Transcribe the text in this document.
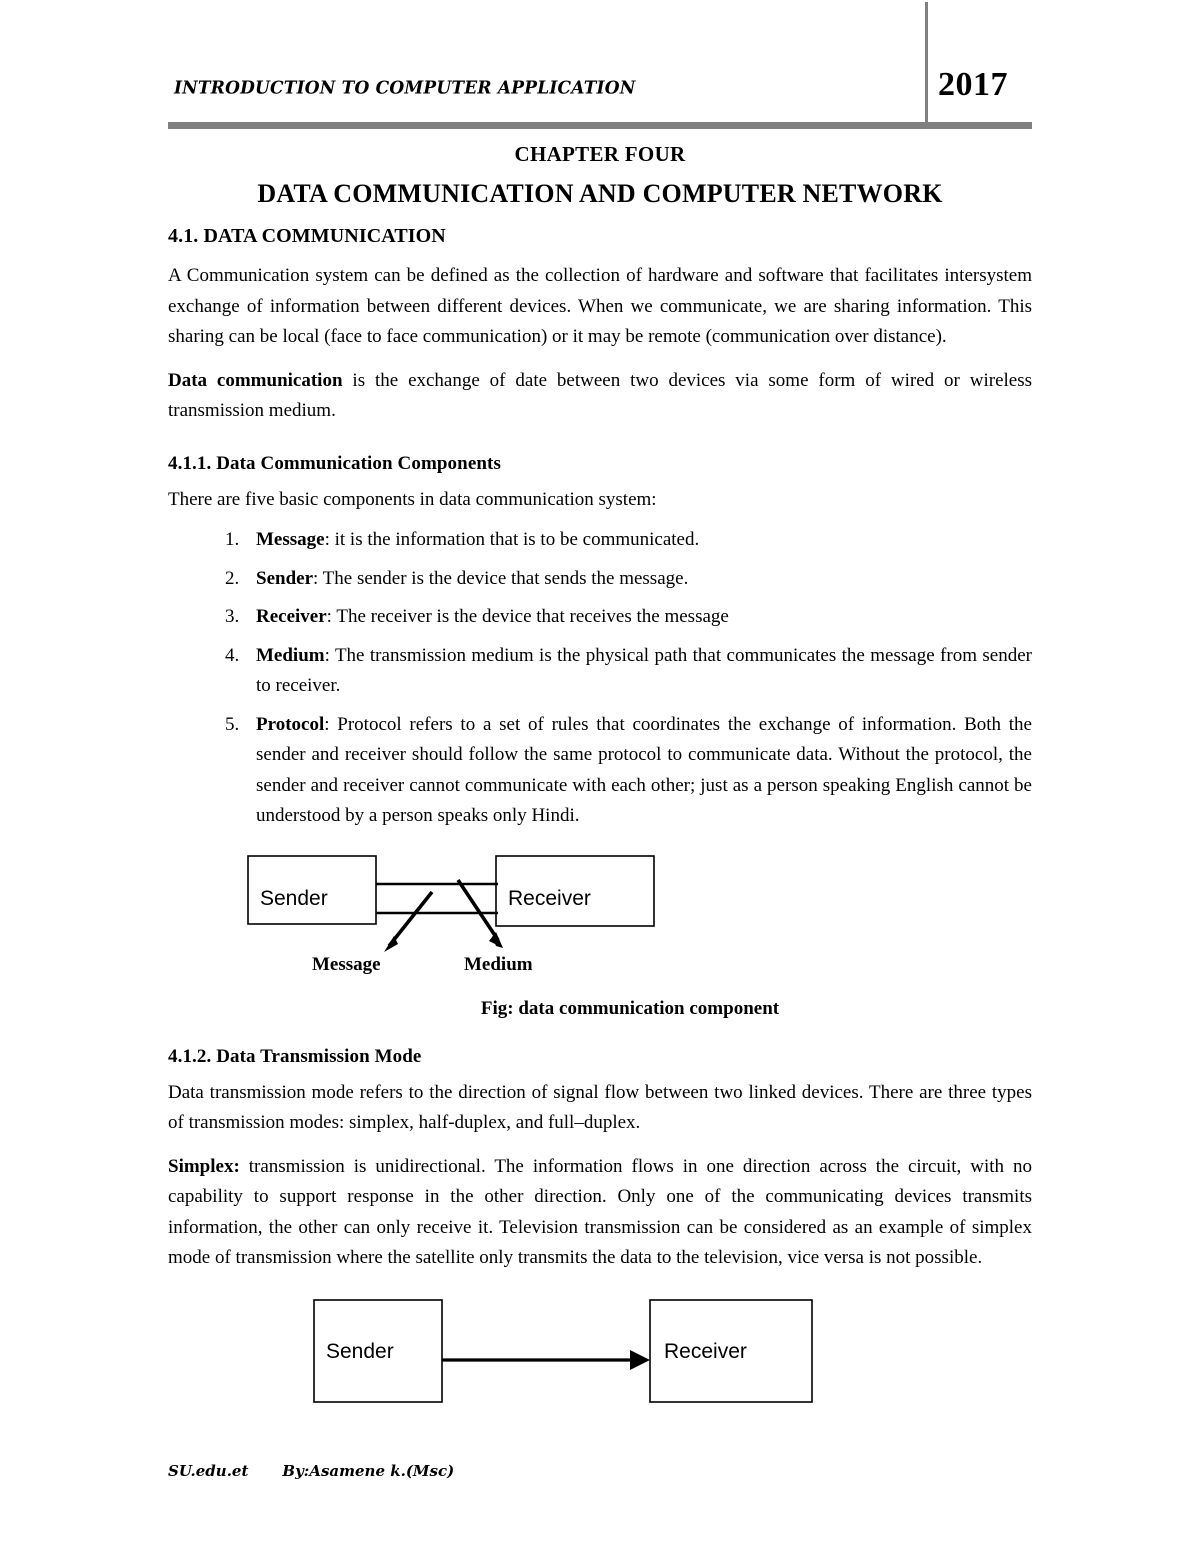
INTRODUCTION TO COMPUTER APPLICATION	2017
CHAPTER FOUR
DATA COMMUNICATION AND COMPUTER NETWORK
4.1. DATA COMMUNICATION

A Communication system can be defined as the collection of hardware and software that facilitates intersystem exchange of information between different devices. When we communicate, we are sharing information. This sharing can be local (face to face communication) or it may be remote (communication over distance).

Data communication is the exchange of date between two devices via some form of wired or wireless transmission medium.

4.1.1. Data Communication Components

There are five basic components in data communication system:

1. Message: it is the information that is to be communicated.
2. Sender: The sender is the device that sends the message.
3. Receiver: The receiver is the device that receives the message
4. Medium: The transmission medium is the physical path that communicates the message from sender to receiver.
5. Protocol: Protocol refers to a set of rules that coordinates the exchange of information. Both the sender and receiver should follow the same protocol to communicate data. Without the protocol, the sender and receiver cannot communicate with each other; just as a person speaking English cannot be understood by a person speaks only Hindi.
Sender	Receiver
Message	Medium

Fig: data communication component

4.1.2. Data Transmission Mode

Data transmission mode refers to the direction of signal flow between two linked devices. There are three types of transmission modes: simplex, half-duplex, and full–duplex.

Simplex: transmission is unidirectional. The information flows in one direction across the circuit, with no capability to support response in the other direction. Only one of the communicating devices transmits information, the other can only receive it. Television transmission can be considered as an example of simplex mode of transmission where the satellite only transmits the data to the television, vice versa is not possible.

Sender	Receiver
SU.edu.et By:Asamene k.(Msc)
